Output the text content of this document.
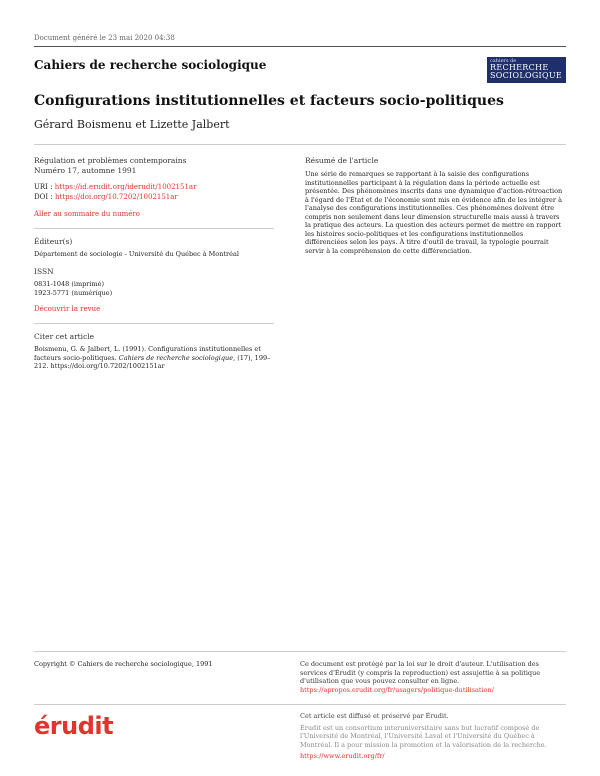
Document généré le 23 mai 2020 04:38
Cahiers de recherche sociologique	cahiers de
RECHERCHE
SOCIOLOGIQUE
Configurations institutionnelles et facteurs socio-politiques
Gérard Boismenu et Lizette Jalbert
Régulation et problèmes contemporains
Numéro 17, automne 1991
URI : https://id.erudit.org/iderudit/1002151ar
DOI : https://doi.org/10.7202/1002151ar
Aller au sommaire du numéro
Éditeur(s)
Département de sociologie - Université du Québec à Montréal
ISSN
0831-1048 (imprimé)
1923-5771 (numérique)
Découvrir la revue
Citer cet article
Boismenu, G. & Jalbert, L. (1991). Configurations institutionnelles et facteurs socio-politiques. Cahiers de recherche sociologique, (17), 199–212. https://doi.org/10.7202/1002151ar
Résumé de l'article
Une série de remarques se rapportant à la saisie des configurations institutionnelles participant à la régulation dans la période actuelle est présentée. Des phénomènes inscrits dans une dynamique d'action-rétroaction à l'égard de l'État et de l'économie sont mis en évidence afin de les intégrer à l'analyse des configurations institutionnelles. Ces phénomènes doivent être compris non seulement dans leur dimension structurelle mais aussi à travers la pratique des acteurs. La question des acteurs permet de mettre en rapport les histoires socio-politiques et les configurations institutionnelles différenciées selon les pays. À titre d'outil de travail, la typologie pourrait servir à la compréhension de cette différenciation.
Copyright © Cahiers de recherche sociologique, 1991	Ce document est protégé par la loi sur le droit d'auteur. L'utilisation des services d'Érudit (y compris la reproduction) est assujettie à sa politique d'utilisation que vous pouvez consulter en ligne.
https://apropos.erudit.org/fr/usagers/politique-dutilisation/
érudit	Cet article est diffusé et préservé par Érudit.
Érudit est un consortium interuniversitaire sans but lucratif composé de l'Université de Montréal, l'Université Laval et l'Université du Québec à Montréal. Il a pour mission la promotion et la valorisation de la recherche.
https://www.erudit.org/fr/
